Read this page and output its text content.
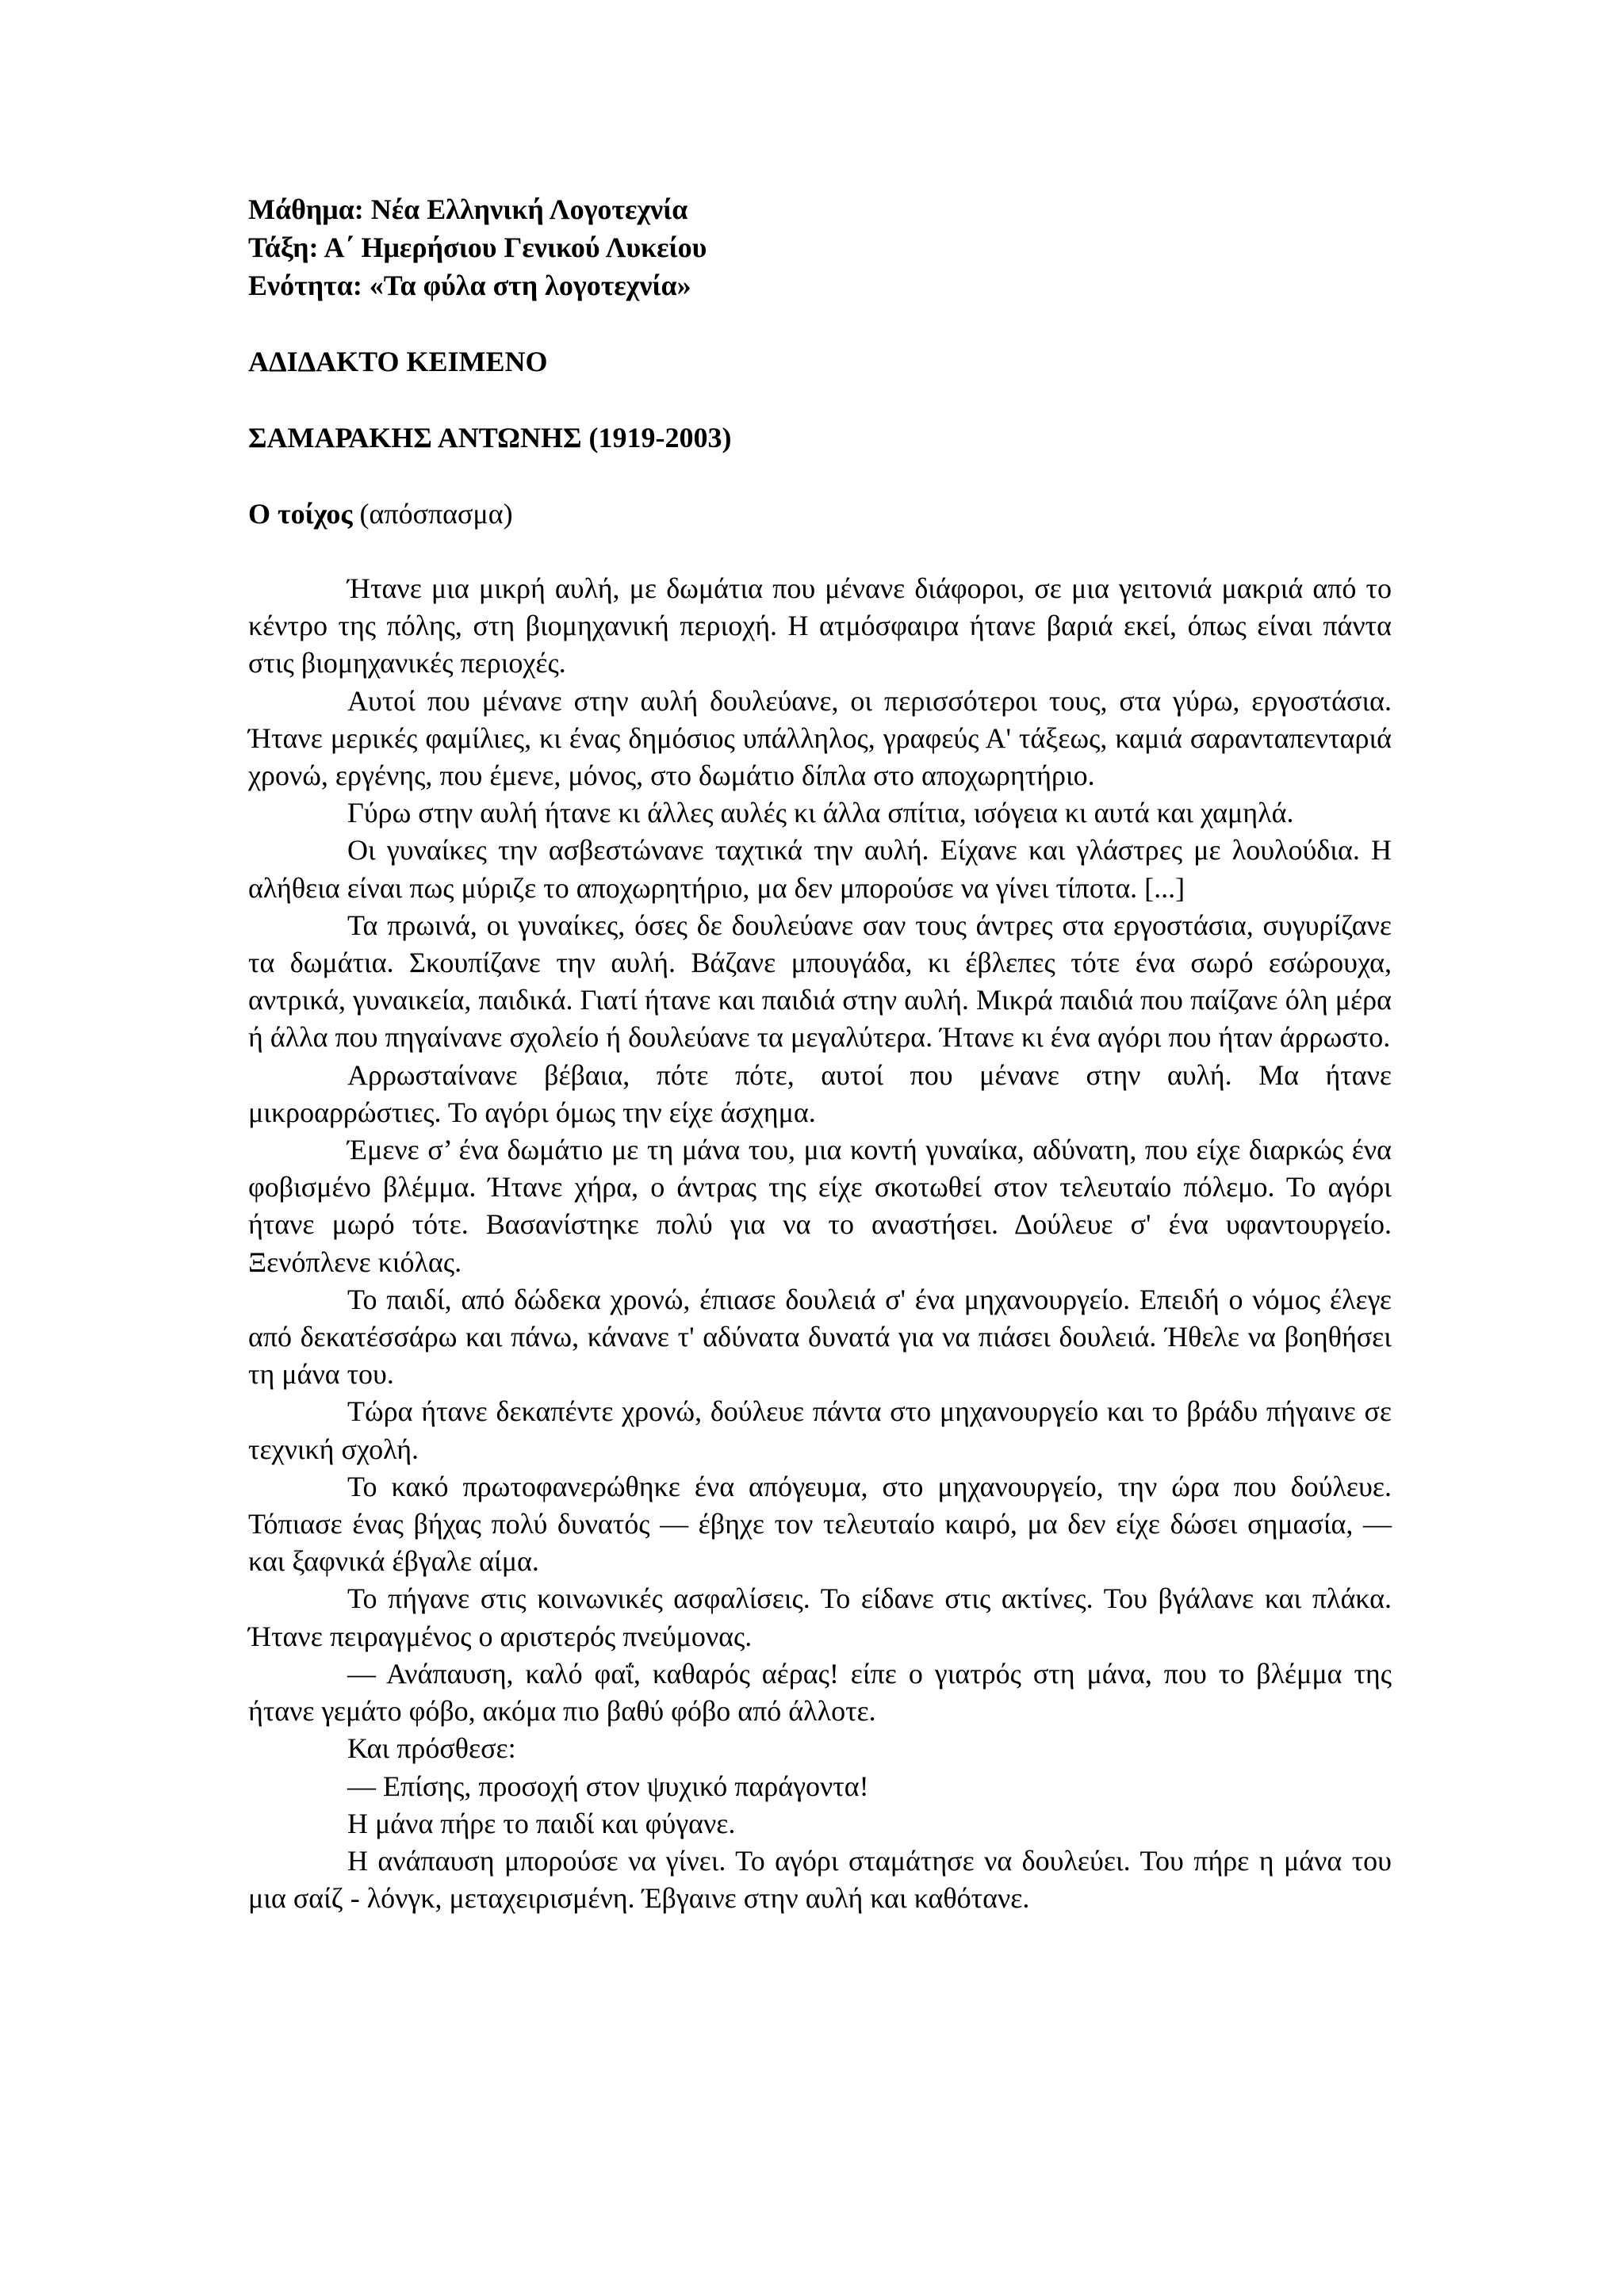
Μάθημα: Νέα Ελληνική Λογοτεχνία
Τάξη: Α΄ Ημερήσιου Γενικού Λυκείου
Ενότητα: «Τα φύλα στη λογοτεχνία»
ΑΔΙΔΑΚΤΟ ΚΕΙΜΕΝΟ
ΣΑΜΑΡΑΚΗΣ ΑΝΤΩΝΗΣ (1919-2003)
Ο τοίχος (απόσπασμα)

Ήτανε μια μικρή αυλή, με δωμάτια που μένανε διάφοροι, σε μια γειτονιά μακριά από το κέντρο της πόλης, στη βιομηχανική περιοχή. Η ατμόσφαιρα ήτανε βαριά εκεί, όπως είναι πάντα στις βιομηχανικές περιοχές.

Αυτοί που μένανε στην αυλή δουλεύανε, οι περισσότεροι τους, στα γύρω, εργοστάσια. Ήτανε μερικές φαμίλιες, κι ένας δημόσιος υπάλληλος, γραφεύς Α' τάξεως, καμιά σαρανταπενταριά χρονώ, εργένης, που έμενε, μόνος, στο δωμάτιο δίπλα στο αποχωρητήριο.

Γύρω στην αυλή ήτανε κι άλλες αυλές κι άλλα σπίτια, ισόγεια κι αυτά και χαμηλά.

Οι γυναίκες την ασβεστώνανε ταχτικά την αυλή. Είχανε και γλάστρες με λουλούδια. Η αλήθεια είναι πως μύριζε το αποχωρητήριο, μα δεν μπορούσε να γίνει τίποτα. [...]

Τα πρωινά, οι γυναίκες, όσες δε δουλεύανε σαν τους άντρες στα εργοστάσια, συγυρίζανε τα δωμάτια. Σκουπίζανε την αυλή. Βάζανε μπουγάδα, κι έβλεπες τότε ένα σωρό εσώρουχα, αντρικά, γυναικεία, παιδικά. Γιατί ήτανε και παιδιά στην αυλή. Μικρά παιδιά που παίζανε όλη μέρα ή άλλα που πηγαίνανε σχολείο ή δουλεύανε τα μεγαλύτερα. Ήτανε κι ένα αγόρι που ήταν άρρωστο.

Αρρωσταίνανε βέβαια, πότε πότε, αυτοί που μένανε στην αυλή. Μα ήτανε μικροαρρώστιες. Το αγόρι όμως την είχε άσχημα.

Έμενε σ’ ένα δωμάτιο με τη μάνα του, μια κοντή γυναίκα, αδύνατη, που είχε διαρκώς ένα φοβισμένο βλέμμα. Ήτανε χήρα, ο άντρας της είχε σκοτωθεί στον τελευταίο πόλεμο. Το αγόρι ήτανε μωρό τότε. Βασανίστηκε πολύ για να το αναστήσει. Δούλευε σ' ένα υφαντουργείο. Ξενόπλενε κιόλας.

Το παιδί, από δώδεκα χρονώ, έπιασε δουλειά σ' ένα μηχανουργείο. Επειδή ο νόμος έλεγε από δεκατέσσάρω και πάνω, κάνανε τ' αδύνατα δυνατά για να πιάσει δουλειά. Ήθελε να βοηθήσει τη μάνα του.

Τώρα ήτανε δεκαπέντε χρονώ, δούλευε πάντα στο μηχανουργείο και το βράδυ πήγαινε σε τεχνική σχολή.

Το κακό πρωτοφανερώθηκε ένα απόγευμα, στο μηχανουργείο, την ώρα που δούλευε. Τόπιασε ένας βήχας πολύ δυνατός — έβηχε τον τελευταίο καιρό, μα δεν είχε δώσει σημασία, — και ξαφνικά έβγαλε αίμα.

Το πήγανε στις κοινωνικές ασφαλίσεις. Το είδανε στις ακτίνες. Του βγάλανε και πλάκα. Ήτανε πειραγμένος ο αριστερός πνεύμονας.

— Ανάπαυση, καλό φαΐ, καθαρός αέρας! είπε ο γιατρός στη μάνα, που το βλέμμα της ήτανε γεμάτο φόβο, ακόμα πιο βαθύ φόβο από άλλοτε.

Και πρόσθεσε:

— Επίσης, προσοχή στον ψυχικό παράγοντα!

Η μάνα πήρε το παιδί και φύγανε.

Η ανάπαυση μπορούσε να γίνει. Το αγόρι σταμάτησε να δουλεύει. Του πήρε η μάνα του μια σαίζ - λόνγκ, μεταχειρισμένη. Έβγαινε στην αυλή και καθότανε.
